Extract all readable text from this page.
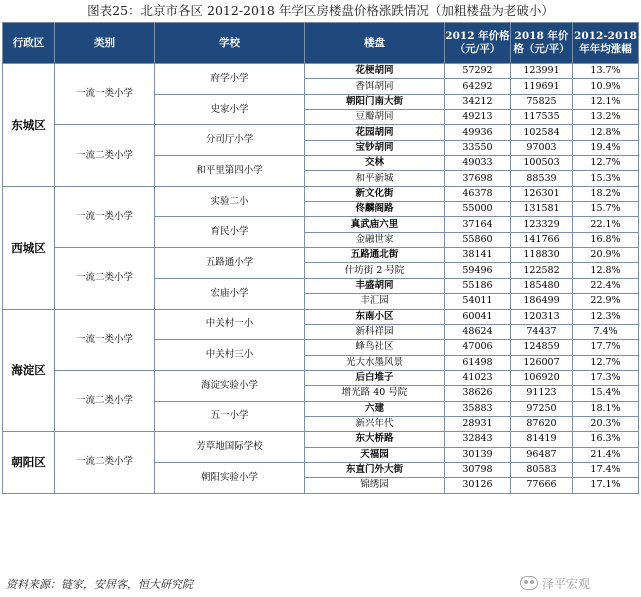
图表25：北京市各区 2012-2018 年学区房楼盘价格涨跌情况（加粗楼盘为老破小）
行政区	类别	学校	楼盘	2012 年价格（元/平）	2018 年价格（元/平）	2012-2018 年年均涨幅
东城区	一流一类小学	府学小学	花梗胡同	57292	123991	13.7%
			香饵胡同	64292	119691	10.9%
		史家小学	朝阳门南大街	34212	75825	12.1%
			豆瓣胡同	49213	117535	13.2%
	一流二类小学	分司厅小学	花园胡同	49936	102584	12.8%
			宝钞胡同	33550	97003	19.4%
		和平里第四小学	交林	49033	100503	12.7%
			和平新城	37698	88539	15.3%
西城区	一流一类小学	实验二小	新文化街	46378	126301	18.2%
			佟麟阁路	55000	131581	15.7%
		育民小学	真武庙六里	37164	123329	22.1%
			金融世家	55860	141766	16.8%
	一流二类小学	五路通小学	五路通北街	38141	118830	20.9%
			什坊街 2 号院	59496	122582	12.8%
		宏庙小学	丰盛胡同	55186	185480	22.4%
			丰汇园	54011	186499	22.9%
海淀区	一流一类小学	中关村一小	东南小区	60041	120313	12.3%
			新科祥园	48624	74437	7.4%
		中关村三小	蜂鸟社区	47006	124859	17.7%
			光大水墨风景	61498	126007	12.7%
	一流二类小学	海淀实验小学	后白堆子	41023	106920	17.3%
			增光路 40 号院	38626	91123	15.4%
		五一小学	六建	35883	97250	18.1%
			新兴年代	28931	87620	20.3%
朝阳区	一流二类小学	芳草地国际学校	东大桥路	32843	81419	16.3%
			天福园	30139	96487	21.4%
		朝阳实验小学	东直门外大街	30798	80583	17.4%
			锦绣园	30126	77666	17.1%
资料来源：链家，安居客，恒大研究院	泽平宏观
